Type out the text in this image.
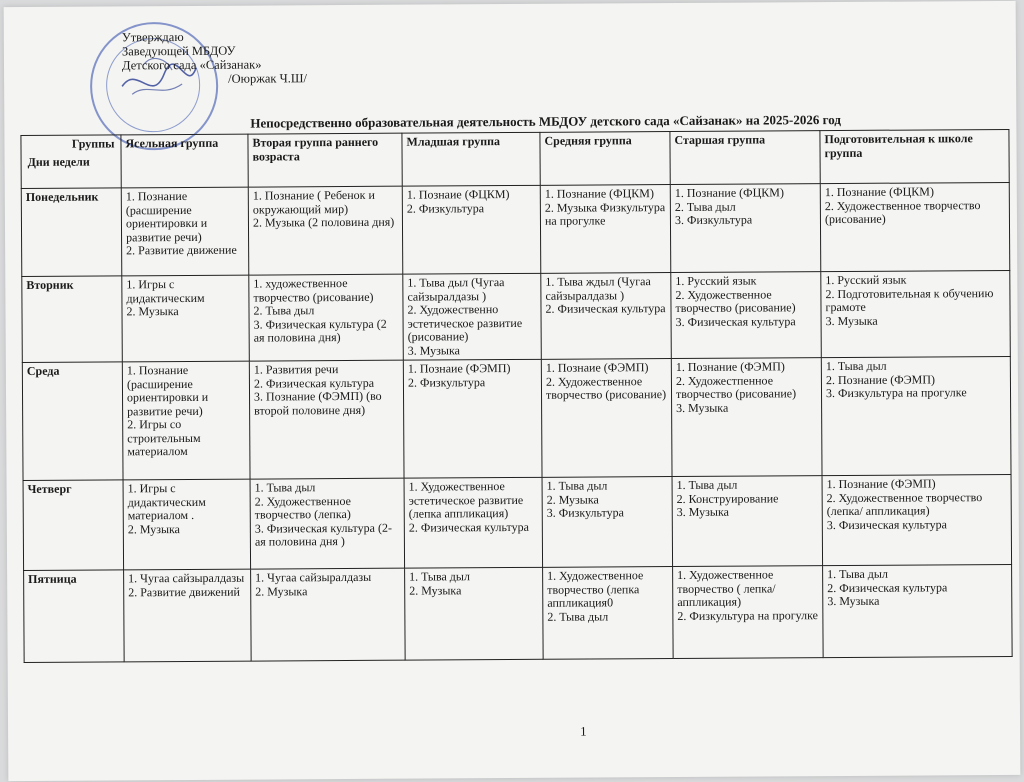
Утверждаю
Заведующей МБДОУ
Детского сада «Сайзанак»
/Оюржак Ч.Ш/
Непосредственно образовательная деятельность МБДОУ детского сада «Сайзанак» на 2025-2026 год
Группы
Дни недели	Ясельная группа	Вторая группа раннего возраста	Младшая группа	Средняя группа	Старшая группа	Подготовительная к школе группа
Понедельник	1. Познание (расширение ориентировки и развитие речи)
2. Развитие движение	1. Познание ( Ребенок и окружающий мир)
2. Музыка (2 половина дня)	1. Познаие (ФЦКМ)
2. Физкультура	1. Познание (ФЦКМ)
2. Музыка Физкультура на прогулке	1. Познание (ФЦКМ)
2. Тыва дыл
3. Физкультура	1. Познание (ФЦКМ)
2. Художественное творчество (рисование)

Вторник	1. Игры с дидактическим
2. Музыка	1. художественное творчество (рисование)
2. Тыва дыл
3. Физическая культура (2 ая половина дня)	1. Тыва дыл (Чугаа сайзыралдазы )
2. Художественно эстетическое развитие (рисование)
3. Музыка	1. Тыва ждыл (Чугаа сайзыралдазы )
2. Физическая культура	1. Русский язык
2. Художественное творчество (рисование)
3. Физическая культура	1. Русский язык
2. Подготовительная к обучению грамоте
3. Музыка

Среда	1. Познание (расширение ориентировки и развитие речи)
2. Игры со строительным материалом	1. Развития речи
2. Физическая культура
3. Познание (ФЭМП) (во второй половине дня)	1. Познаие (ФЭМП)
2. Физкультура	1. Познаие (ФЭМП)
2. Художественное творчество (рисование)	1. Познание (ФЭМП)
2. Художестпенное творчество (рисование)
3. Музыка	1. Тыва дыл
2. Познание (ФЭМП)
3. Физкультура на прогулке

Четверг	1. Игры с дидактическим материалом .
2. Музыка	1. Тыва дыл
2. Художественное творчество (лепка)
3. Физическая культура (2-ая половина дня )	1. Художественное эстетическое развитие (лепка аппликация)
2. Физическая культура	1. Тыва дыл
2. Музыка
3. Физкультура	1. Тыва дыл
2. Конструирование
3. Музыка	1. Познание (ФЭМП)
2. Художественное творчество (лепка/ аппликация)
3. Физическая культура

Пятница	1. Чугаа сайзыралдазы
2. Развитие движений	1. Чугаа сайзыралдазы
2. Музыка	1. Тыва дыл
2. Музыка	1. Художественное творчество (лепка аппликация0
2. Тыва дыл	1. Художественное творчество ( лепка/аппликация)
2. Физкультура на прогулке	1. Тыва дыл
2. Физическая культура
3. Музыка
1
